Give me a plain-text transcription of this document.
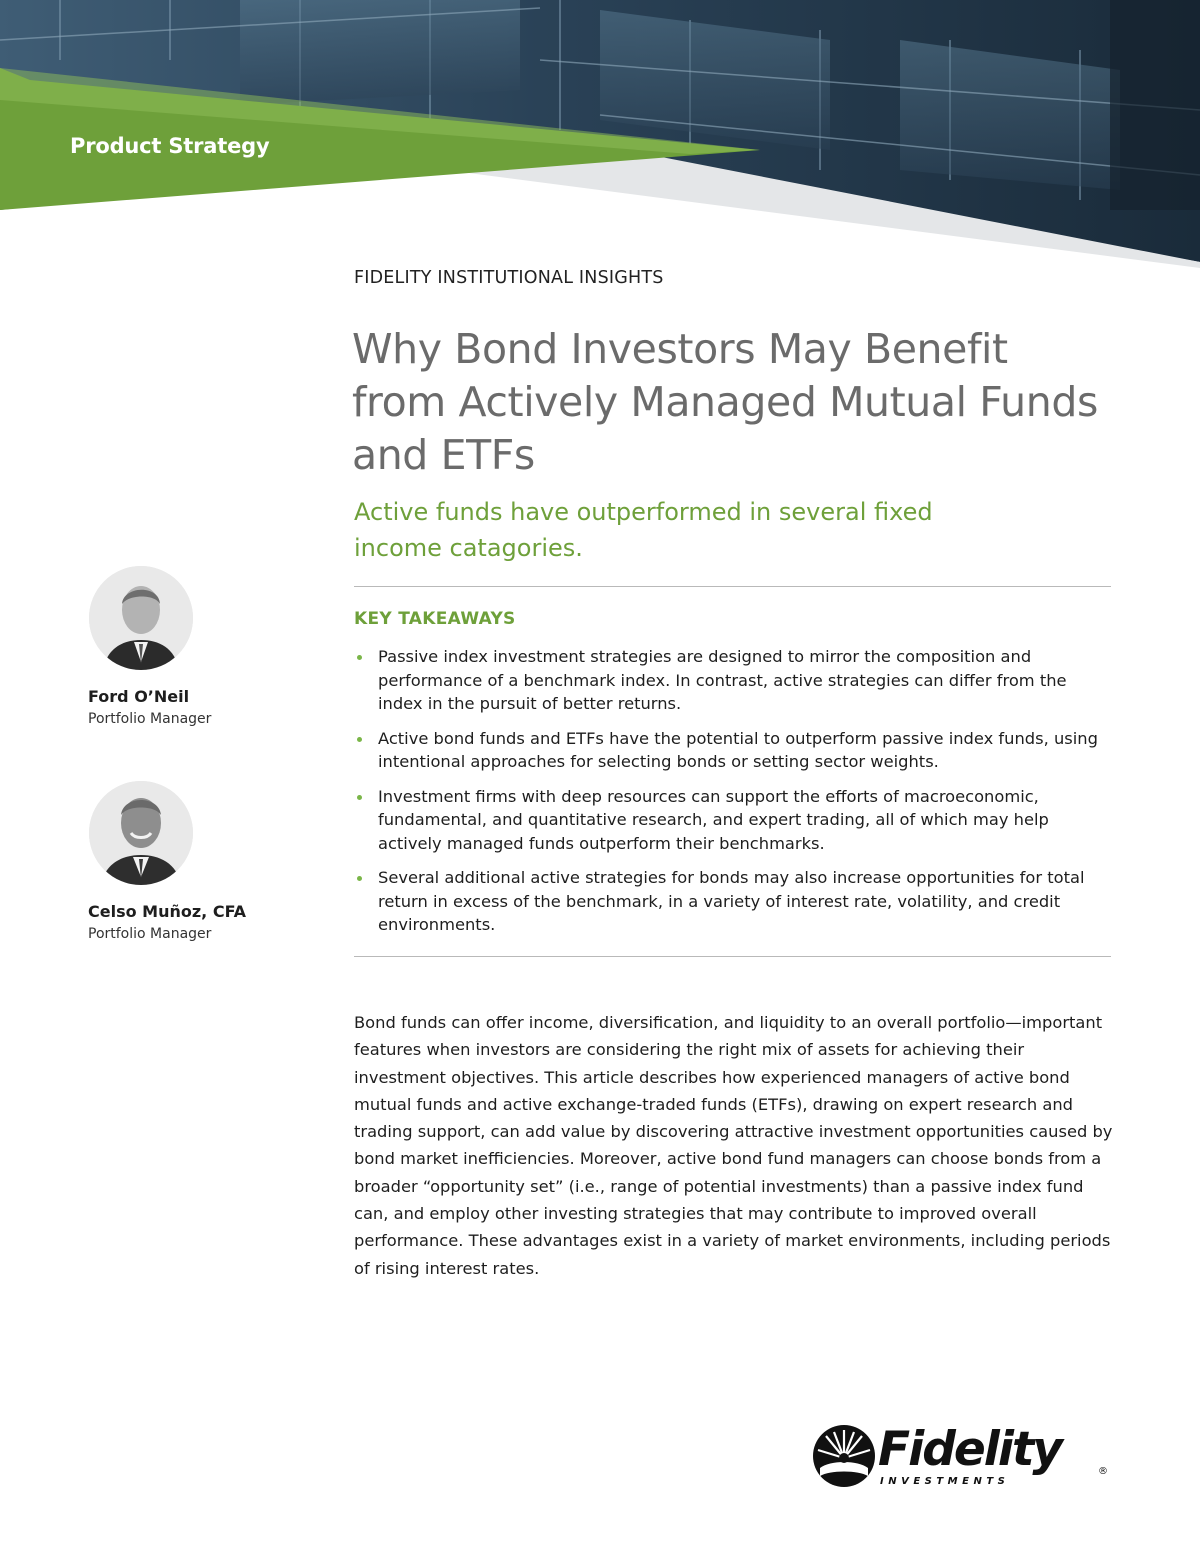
Product Strategy
Ford O’Neil
Portfolio Manager
Celso Muñoz, CFA
Portfolio Manager
FIDELITY INSTITUTIONAL INSIGHTS
Why Bond Investors May Benefit from Actively Managed Mutual Funds and ETFs

Active funds have outperformed in several fixed income catagories.

KEY TAKEAWAYS
Passive index investment strategies are designed to mirror the composition and performance of a benchmark index. In contrast, active strategies can differ from the index in the pursuit of better returns.
Active bond funds and ETFs have the potential to outperform passive index funds, using intentional approaches for selecting bonds or setting sector weights.
Investment firms with deep resources can support the efforts of macroeconomic, fundamental, and quantitative research, and expert trading, all of which may help actively managed funds outperform their benchmarks.
Several additional active strategies for bonds may also increase opportunities for total return in excess of the benchmark, in a variety of interest rate, volatility, and credit environments.

Bond funds can offer income, diversification, and liquidity to an overall portfolio—important features when investors are considering the right mix of assets for achieving their investment objectives. This article describes how experienced managers of active bond mutual funds and active exchange-traded funds (ETFs), drawing on expert research and trading support, can add value by discovering attractive investment opportunities caused by bond market inefficiencies. Moreover, active bond fund managers can choose bonds from a broader “opportunity set” (i.e., range of potential investments) than a passive index fund can, and employ other investing strategies that may contribute to improved overall performance. These advantages exist in a variety of market environments, including periods of rising interest rates.

Fidelity
INVESTMENTS
®
